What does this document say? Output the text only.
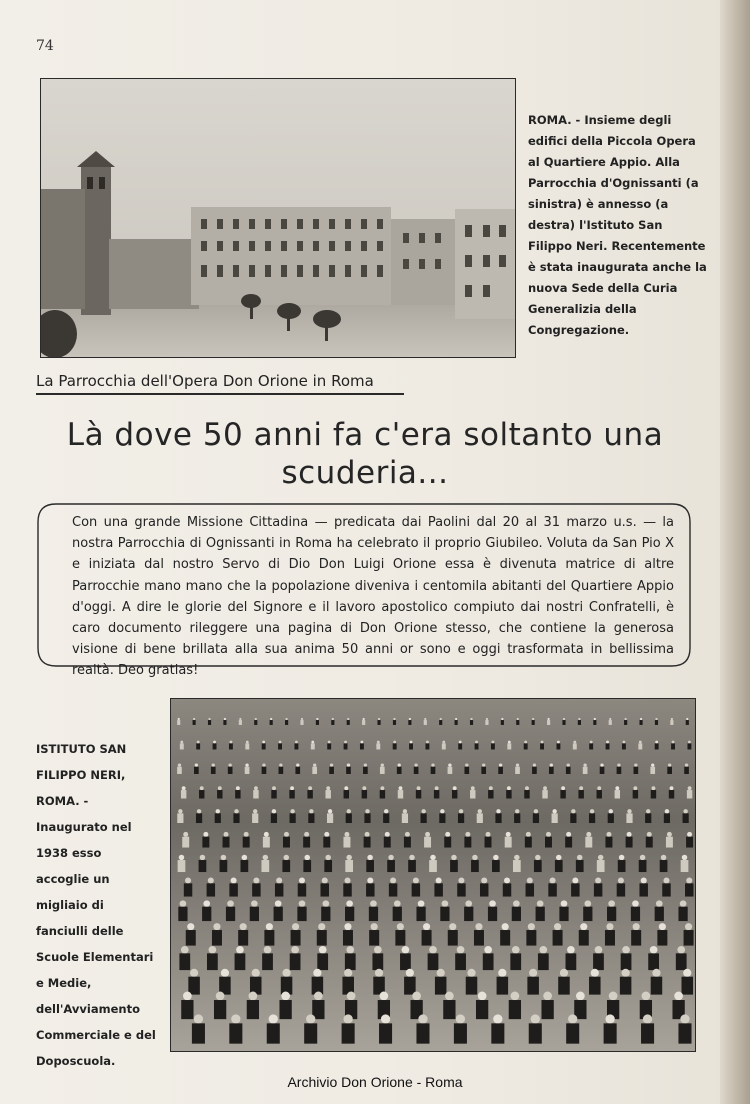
74
ROMA. - Insieme degli edifici della Piccola Opera al Quartiere Appio. Alla Parrocchia d'Ognissanti (a sinistra) è annesso (a destra) l'Istituto San Filippo Neri. Recentemente è stata inaugurata anche la nuova Sede della Curia Generalizia della Congregazione.
La Parrocchia dell'Opera Don Orione in Roma
Là dove 50 anni fa c'era soltanto una scuderia...
Con una grande Missione Cittadina — predicata dai Paolini dal 20 al 31 marzo u.s. — la nostra Parrocchia di Ognissanti in Roma ha celebrato il proprio Giubileo. Voluta da San Pio X e iniziata dal nostro Servo di Dio Don Luigi Orione essa è divenuta matrice di altre Parrocchie mano mano che la popolazione diveniva i centomila abitanti del Quartiere Appio d'oggi. A dire le glorie del Signore e il lavoro apostolico compiuto dai nostri Confratelli, è caro documento rileggere una pagina di Don Orione stesso, che contiene la generosa visione di bene brillata alla sua anima 50 anni or sono e oggi trasformata in bellissima realtà. Deo gratias!
ISTITUTO SAN FILIPPO NERI, ROMA. - Inaugurato nel 1938 esso accoglie un migliaio di fanciulli delle Scuole Elementari e Medie, dell'Avviamento Commerciale e del Doposcuola.
Archivio Don Orione - Roma
